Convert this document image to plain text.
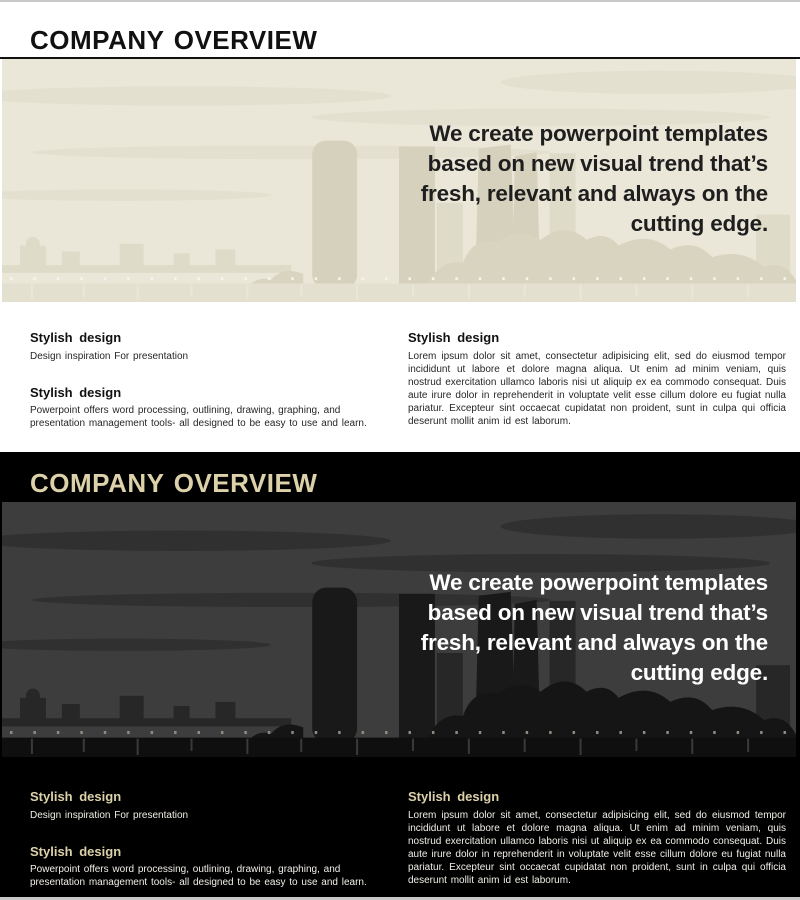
COMPANY OVERVIEW
We create powerpoint templates
based on new visual trend that’s
fresh, relevant and always on the
cutting edge.
Stylish design

Design inspiration For presentation

Stylish design

Powerpoint offers word processing, outlining, drawing, graphing, and presentation management tools- all designed to be easy to use and learn.

Stylish design

Lorem ipsum dolor sit amet, consectetur adipisicing elit, sed do eiusmod tempor incididunt ut labore et dolore magna aliqua. Ut enim ad minim veniam, quis nostrud exercitation ullamco laboris nisi ut aliquip ex ea commodo consequat. Duis aute irure dolor in reprehenderit in voluptate velit esse cillum dolore eu fugiat nulla pariatur. Excepteur sint occaecat cupidatat non proident, sunt in culpa qui officia deserunt mollit anim id est laborum.

COMPANY OVERVIEW
We create powerpoint templates
based on new visual trend that’s
fresh, relevant and always on the
cutting edge.
Stylish design

Design inspiration For presentation

Stylish design

Powerpoint offers word processing, outlining, drawing, graphing, and presentation management tools- all designed to be easy to use and learn.

Stylish design

Lorem ipsum dolor sit amet, consectetur adipisicing elit, sed do eiusmod tempor incididunt ut labore et dolore magna aliqua. Ut enim ad minim veniam, quis nostrud exercitation ullamco laboris nisi ut aliquip ex ea commodo consequat. Duis aute irure dolor in reprehenderit in voluptate velit esse cillum dolore eu fugiat nulla pariatur. Excepteur sint occaecat cupidatat non proident, sunt in culpa qui officia deserunt mollit anim id est laborum.
